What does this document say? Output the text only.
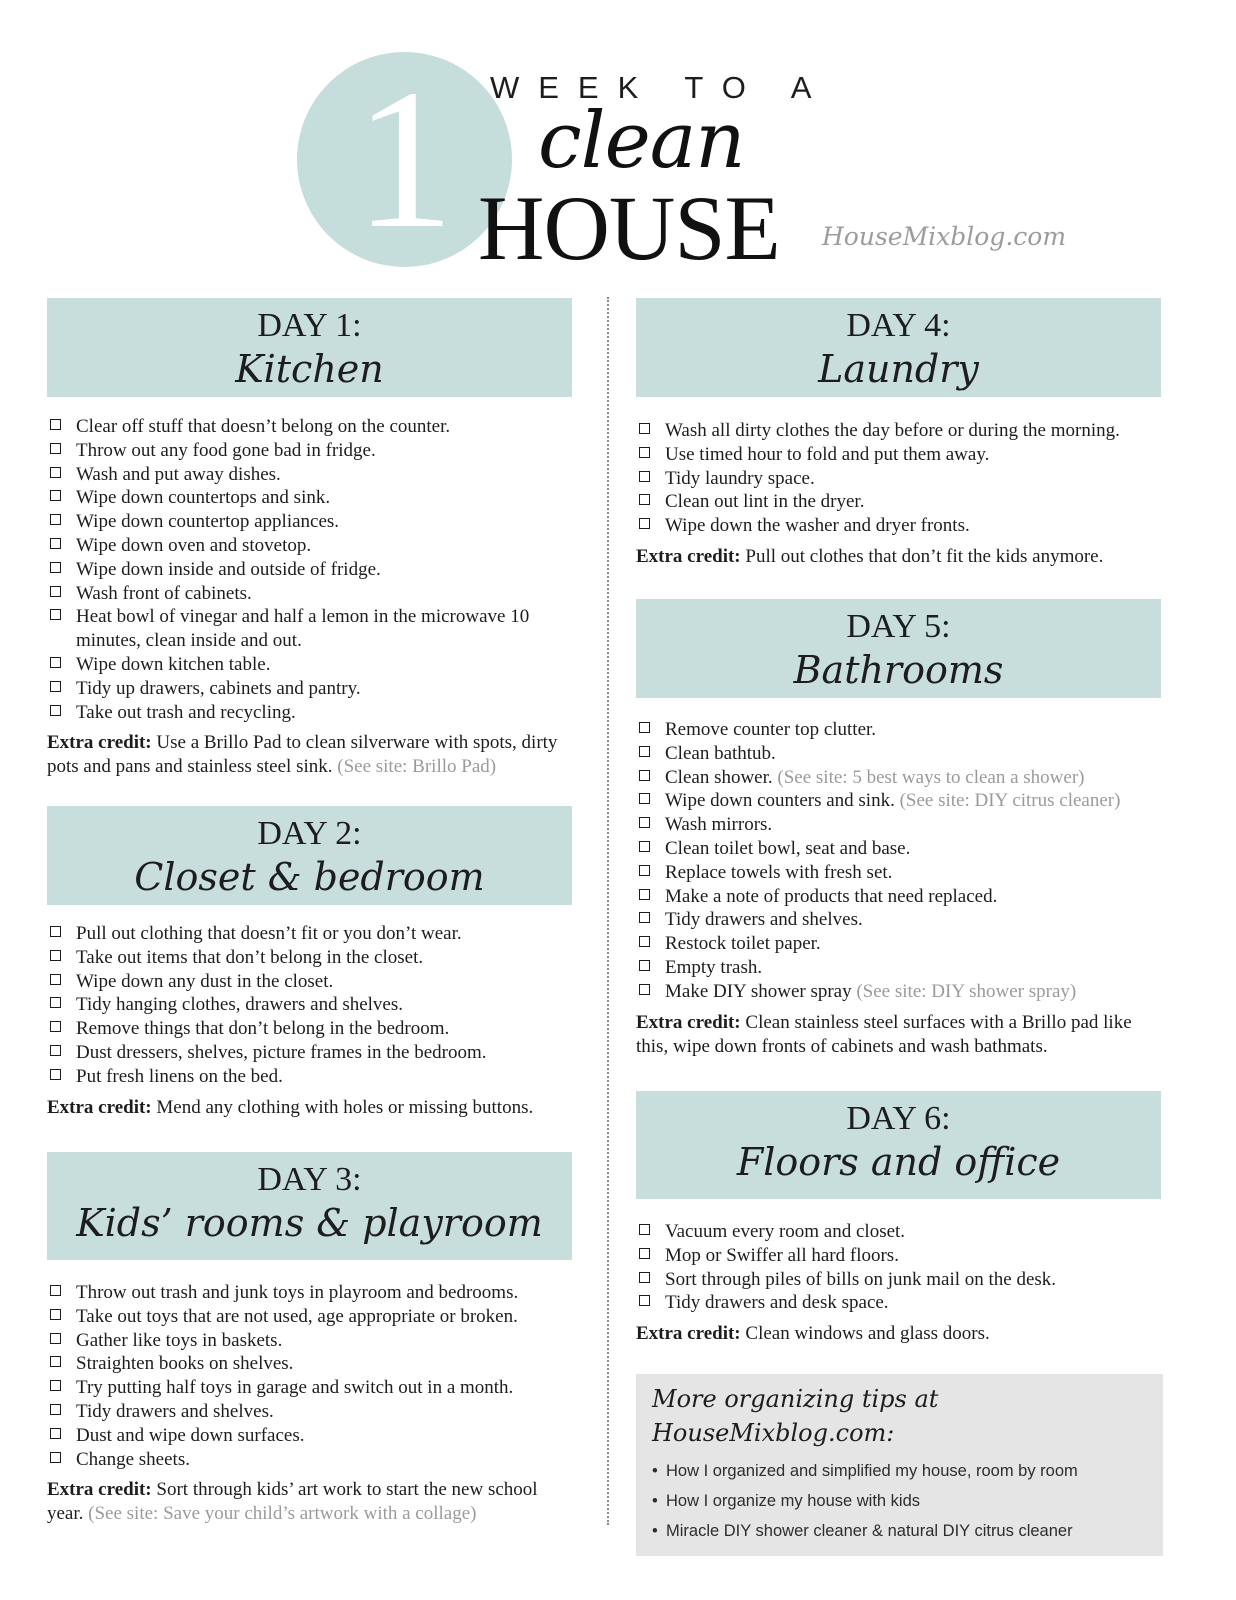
1	WEEK TO A
clean
HOUSE HouseMixblog.com
DAY 1:
Kitchen
Clear off stuff that doesn’t belong on the counter.
Throw out any food gone bad in fridge.
Wash and put away dishes.
Wipe down countertops and sink.
Wipe down countertop appliances.
Wipe down oven and stovetop.
Wipe down inside and outside of fridge.
Wash front of cabinets.
Heat bowl of vinegar and half a lemon in the microwave 10 minutes, clean inside and out.
Wipe down kitchen table.
Tidy up drawers, cabinets and pantry.
Take out trash and recycling.
Extra credit: Use a Brillo Pad to clean silverware with spots, dirty pots and pans and stainless steel sink. (See site: Brillo Pad)
DAY 2:
Closet & bedroom
Pull out clothing that doesn’t fit or you don’t wear.
Take out items that don’t belong in the closet.
Wipe down any dust in the closet.
Tidy hanging clothes, drawers and shelves.
Remove things that don’t belong in the bedroom.
Dust dressers, shelves, picture frames in the bedroom.
Put fresh linens on the bed.
Extra credit: Mend any clothing with holes or missing buttons.
DAY 3:
Kids’ rooms & playroom
Throw out trash and junk toys in playroom and bedrooms.
Take out toys that are not used, age appropriate or broken.
Gather like toys in baskets.
Straighten books on shelves.
Try putting half toys in garage and switch out in a month.
Tidy drawers and shelves.
Dust and wipe down surfaces.
Change sheets.
Extra credit: Sort through kids’ art work to start the new school year. (See site: Save your child’s artwork with a collage)
DAY 4:
Laundry
Wash all dirty clothes the day before or during the morning.
Use timed hour to fold and put them away.
Tidy laundry space.
Clean out lint in the dryer.
Wipe down the washer and dryer fronts.
Extra credit: Pull out clothes that don’t fit the kids anymore.
DAY 5:
Bathrooms
Remove counter top clutter.
Clean bathtub.
Clean shower. (See site: 5 best ways to clean a shower)
Wipe down counters and sink. (See site: DIY citrus cleaner)
Wash mirrors.
Clean toilet bowl, seat and base.
Replace towels with fresh set.
Make a note of products that need replaced.
Tidy drawers and shelves.
Restock toilet paper.
Empty trash.
Make DIY shower spray (See site: DIY shower spray)
Extra credit: Clean stainless steel surfaces with a Brillo pad like this, wipe down fronts of cabinets and wash bathmats.
DAY 6:
Floors and office
Vacuum every room and closet.
Mop or Swiffer all hard floors.
Sort through piles of bills on junk mail on the desk.
Tidy drawers and desk space.
Extra credit: Clean windows and glass doors.
More organizing tips at HouseMixblog.com:
• How I organized and simplified my house, room by room
• How I organize my house with kids
• Miracle DIY shower cleaner & natural DIY citrus cleaner
